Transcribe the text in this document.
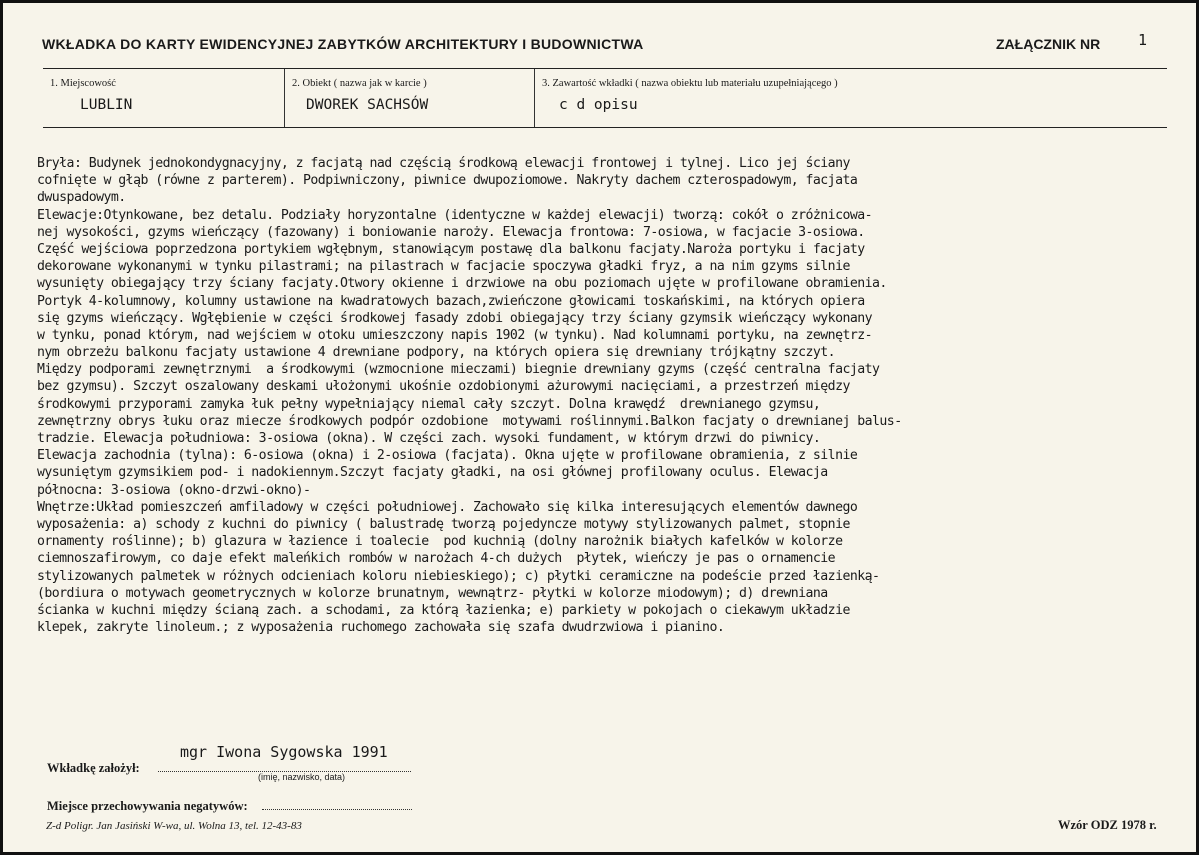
WKŁADKA DO KARTY EWIDENCYJNEJ ZABYTKÓW ARCHITEKTURY I BUDOWNICTWA	ZAŁĄCZNIK NR	1
1. Miejscowość
LUBLIN
2. Obiekt ( nazwa jak w karcie )
DWOREK SACHSÓW
3. Zawartość wkładki ( nazwa obiektu lub materiału uzupełniającego )
c d opisu
Bryła: Budynek jednokondygnacyjny, z facjatą nad częścią środkową elewacji frontowej i tylnej. Lico jej ściany
cofnięte w głąb (równe z parterem). Podpiwniczony, piwnice dwupoziomowe. Nakryty dachem czterospadowym, facjata
dwuspadowym.
Elewacje:Otynkowane, bez detalu. Podziały horyzontalne (identyczne w każdej elewacji) tworzą: cokół o zróżnicowa-
nej wysokości, gzyms wieńczący (fazowany) i boniowanie naroży. Elewacja frontowa: 7-osiowa, w facjacie 3-osiowa.
Część wejściowa poprzedzona portykiem wgłębnym, stanowiącym postawę dla balkonu facjaty.Naroża portyku i facjaty
dekorowane wykonanymi w tynku pilastrami; na pilastrach w facjacie spoczywa gładki fryz, a na nim gzyms silnie
wysunięty obiegający trzy ściany facjaty.Otwory okienne i drzwiowe na obu poziomach ujęte w profilowane obramienia.
Portyk 4-kolumnowy, kolumny ustawione na kwadratowych bazach,zwieńczone głowicami toskańskimi, na których opiera
się gzyms wieńczący. Wgłębienie w części środkowej fasady zdobi obiegający trzy ściany gzymsik wieńczący wykonany
w tynku, ponad którym, nad wejściem w otoku umieszczony napis 1902 (w tynku). Nad kolumnami portyku, na zewnętrz-
nym obrzeżu balkonu facjaty ustawione 4 drewniane podpory, na których opiera się drewniany trójkątny szczyt.
Między podporami zewnętrznymi  a środkowymi (wzmocnione mieczami) biegnie drewniany gzyms (część centralna facjaty
bez gzymsu). Szczyt oszalowany deskami ułożonymi ukośnie ozdobionymi ażurowymi nacięciami, a przestrzeń między
środkowymi przyporami zamyka łuk pełny wypełniający niemal cały szczyt. Dolna krawędź  drewnianego gzymsu,
zewnętrzny obrys łuku oraz miecze środkowych podpór ozdobione  motywami roślinnymi.Balkon facjaty o drewnianej balus-
tradzie. Elewacja południowa: 3-osiowa (okna). W części zach. wysoki fundament, w którym drzwi do piwnicy.
Elewacja zachodnia (tylna): 6-osiowa (okna) i 2-osiowa (facjata). Okna ujęte w profilowane obramienia, z silnie
wysuniętym gzymsikiem pod- i nadokiennym.Szczyt facjaty gładki, na osi głównej profilowany oculus. Elewacja
północna: 3-osiowa (okno-drzwi-okno)-
Wnętrze:Układ pomieszczeń amfiladowy w części południowej. Zachowało się kilka interesujących elementów dawnego
wyposażenia: a) schody z kuchni do piwnicy ( balustradę tworzą pojedyncze motywy stylizowanych palmet, stopnie
ornamenty roślinne); b) glazura w łazience i toalecie  pod kuchnią (dolny narożnik białych kafelków w kolorze
ciemnoszafirowym, co daje efekt maleńkich rombów w narożach 4-ch dużych  płytek, wieńczy je pas o ornamencie
stylizowanych palmetek w różnych odcieniach koloru niebieskiego); c) płytki ceramiczne na podeście przed łazienką-
(bordiura o motywach geometrycznych w kolorze brunatnym, wewnątrz- płytki w kolorze miodowym); d) drewniana
ścianka w kuchni między ścianą zach. a schodami, za którą łazienka; e) parkiety w pokojach o ciekawym układzie
klepek, zakryte linoleum.; z wyposażenia ruchomego zachowała się szafa dwudrzwiowa i pianino.
mgr Iwona Sygowska 1991
Wkładkę założył:
(imię, nazwisko, data)
Miejsce przechowywania negatywów:
Z-d Poligr. Jan Jasiński W-wa, ul. Wolna 13, tel. 12-43-83	Wzór ODZ 1978 r.
